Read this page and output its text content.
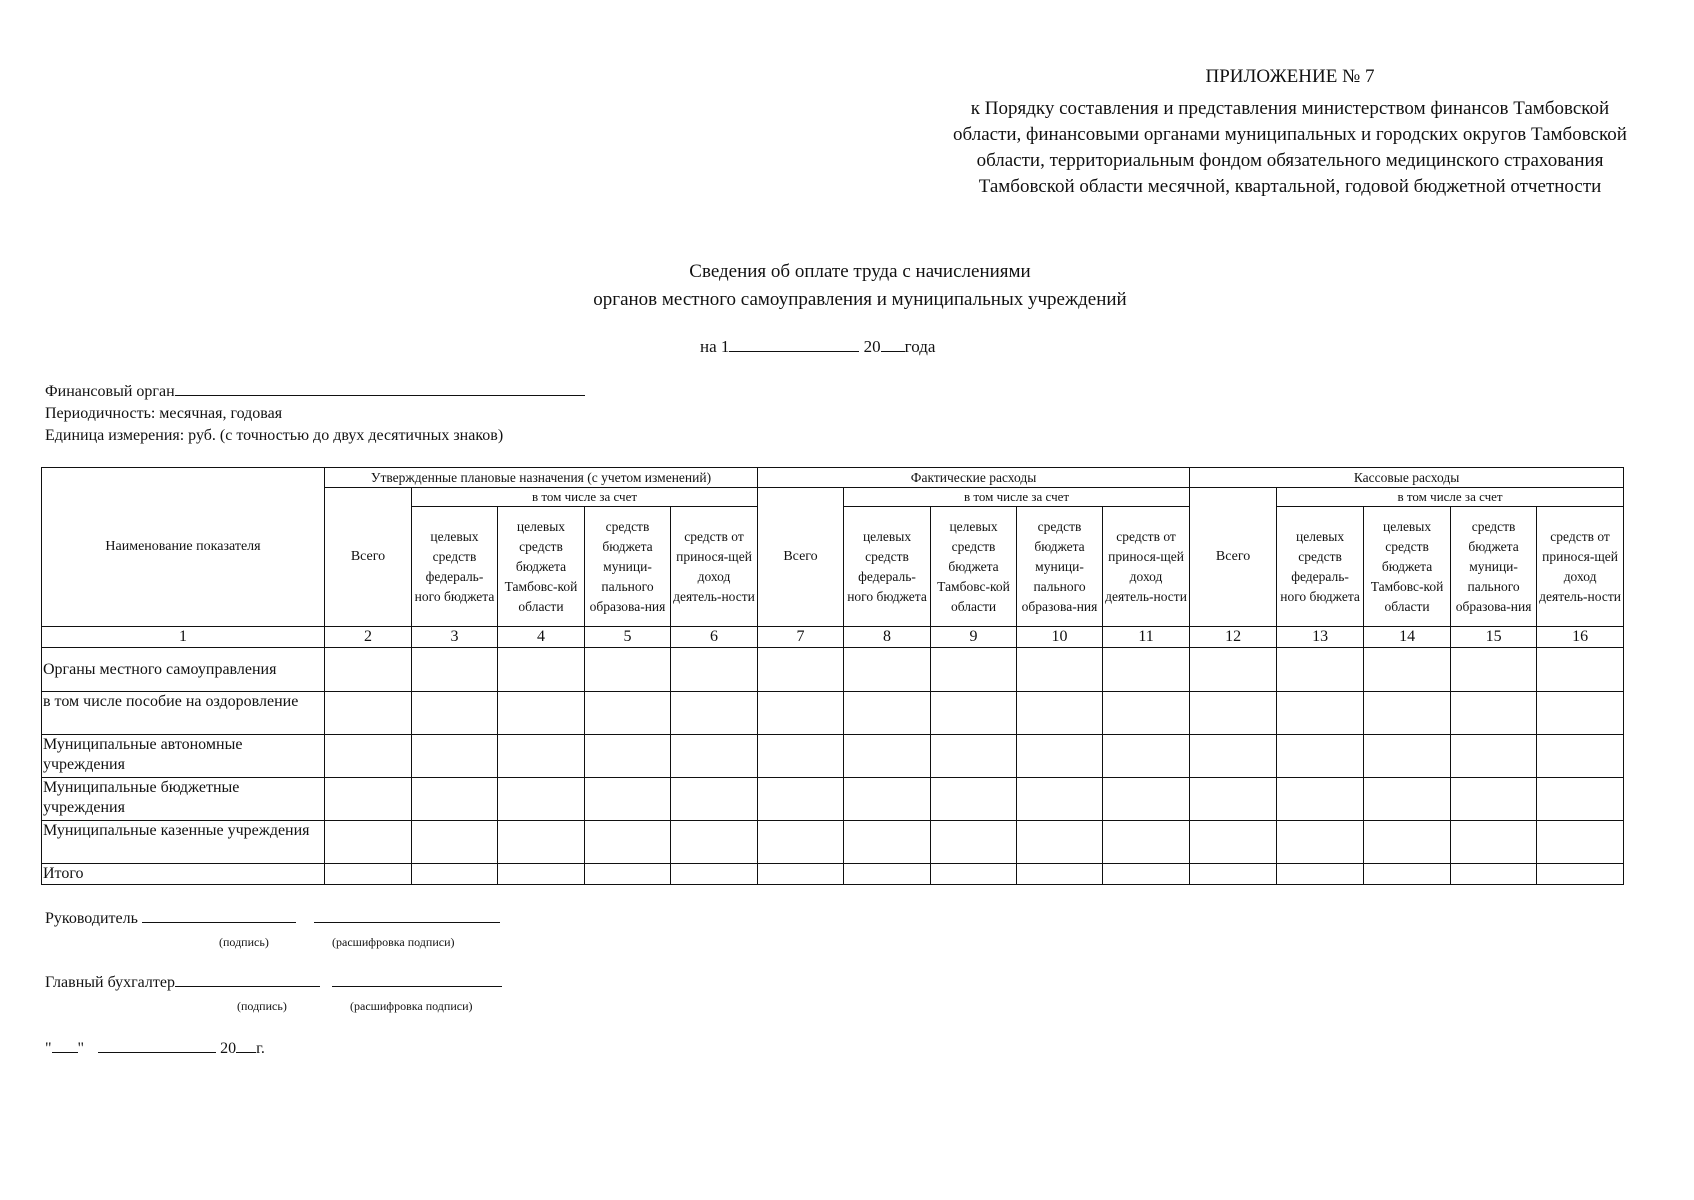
ПРИЛОЖЕНИЕ № 7
к Порядку составления и представления министерством финансов Тамбовской области, финансовыми органами муниципальных и городских округов Тамбовской области, территориальным фондом обязательного медицинского страхования Тамбовской области месячной, квартальной, годовой бюджетной отчетности
Сведения об оплате труда с начислениями
органов местного самоуправления и муниципальных учреждений
на 1	20 года
Финансовый орган
Периодичность: месячная, годовая
Единица измерения: руб. (с точностью до двух десятичных знаков)
Наименование показателя	Утвержденные плановые назначения (с учетом изменений)					Фактические расходы					Кассовые расходы				
	Всего	в том числе за счет				Всего	в том числе за счет				Всего	в том числе за счет			
		целевых средств федераль-ного бюджета	целевых средств бюджета Тамбовс-кой области	средств бюджета муници-пального образова-ния	средств от принося-щей доход деятель-ности		целевых средств федераль-ного бюджета	целевых средств бюджета Тамбовс-кой области	средств бюджета муници-пального образова-ния	средств от принося-щей доход деятель-ности		целевых средств федераль-ного бюджета	целевых средств бюджета Тамбовс-кой области	средств бюджета муници-пального образова-ния	средств от принося-щей доход деятель-ности
1	2	3	4	5	6	7	8	9	10	11	12	13	14	15	16
Органы местного самоуправления															
в том числе пособие на оздоровление															
Муниципальные автономные учреждения															
Муниципальные бюджетные учреждения															
Муниципальные казенные учреждения															
Итого															
Руководитель
(подпись)	(расшифровка подписи)
Главный бухгалтер
(подпись)	(расшифровка подписи)
" "	20 г.
